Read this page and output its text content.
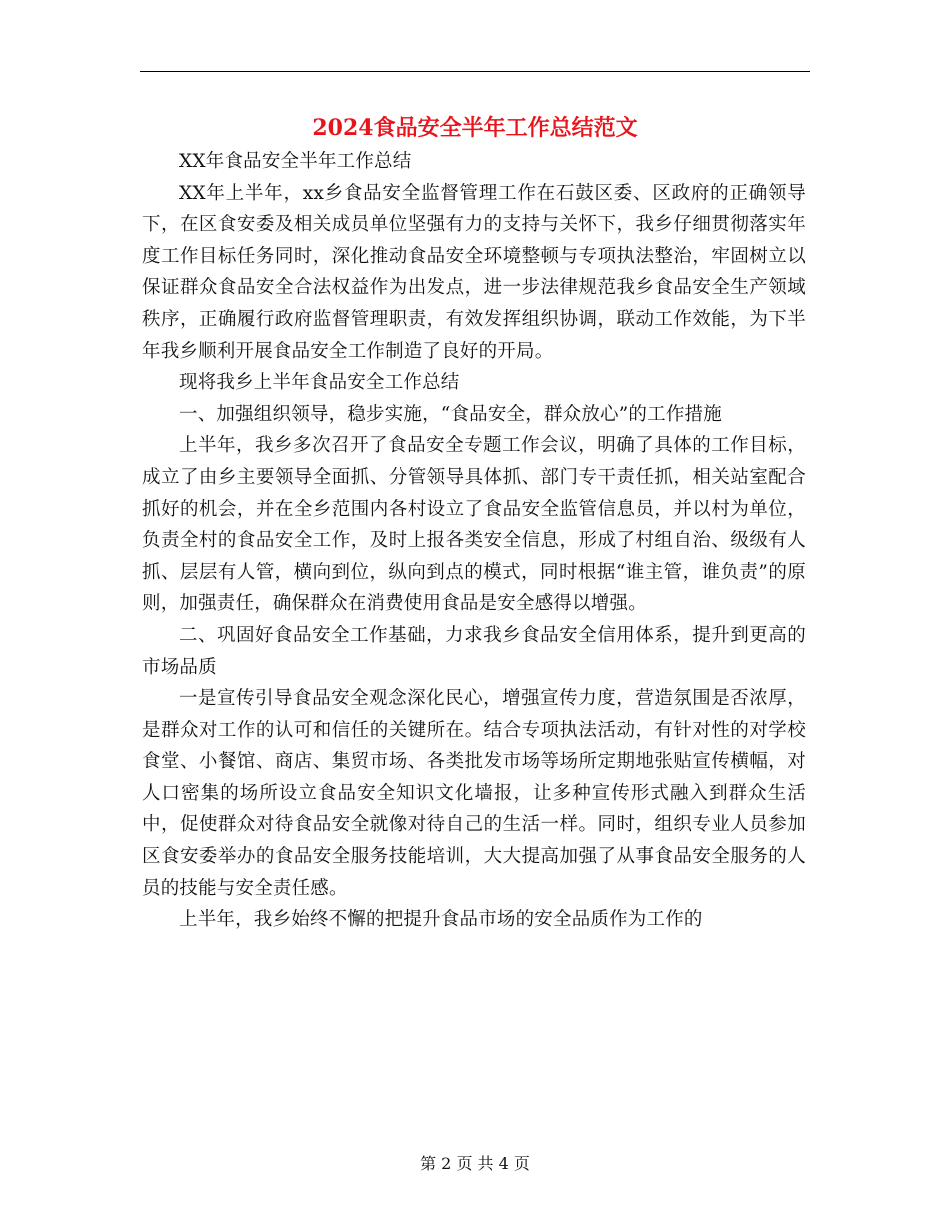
2024食品安全半年工作总结范文

XX年食品安全半年工作总结

XX年上半年，xx乡食品安全监督管理工作在石鼓区委、区政府的正确领导下，在区食安委及相关成员单位坚强有力的支持与关怀下，我乡仔细贯彻落实年度工作目标任务同时，深化推动食品安全环境整顿与专项执法整治，牢固树立以保证群众食品安全合法权益作为出发点，进一步法律规范我乡食品安全生产领域秩序，正确履行政府监督管理职责，有效发挥组织协调，联动工作效能，为下半年我乡顺利开展食品安全工作制造了良好的开局。

现将我乡上半年食品安全工作总结

一、加强组织领导，稳步实施，“食品安全，群众放心”的工作措施

上半年，我乡多次召开了食品安全专题工作会议，明确了具体的工作目标，成立了由乡主要领导全面抓、分管领导具体抓、部门专干责任抓，相关站室配合抓好的机会，并在全乡范围内各村设立了食品安全监管信息员，并以村为单位，负责全村的食品安全工作，及时上报各类安全信息，形成了村组自治、级级有人抓、层层有人管，横向到位，纵向到点的模式，同时根据“谁主管，谁负责”的原则，加强责任，确保群众在消费使用食品是安全感得以增强。

二、巩固好食品安全工作基础，力求我乡食品安全信用体系，提升到更高的市场品质

一是宣传引导食品安全观念深化民心，增强宣传力度，营造氛围是否浓厚，是群众对工作的认可和信任的关键所在。结合专项执法活动，有针对性的对学校食堂、小餐馆、商店、集贸市场、各类批发市场等场所定期地张贴宣传横幅，对人口密集的场所设立食品安全知识文化墙报，让多种宣传形式融入到群众生活中，促使群众对待食品安全就像对待自己的生活一样。同时，组织专业人员参加区食安委举办的食品安全服务技能培训，大大提高加强了从事食品安全服务的人员的技能与安全责任感。

上半年，我乡始终不懈的把提升食品市场的安全品质作为工作的

第 2 页 共 4 页
